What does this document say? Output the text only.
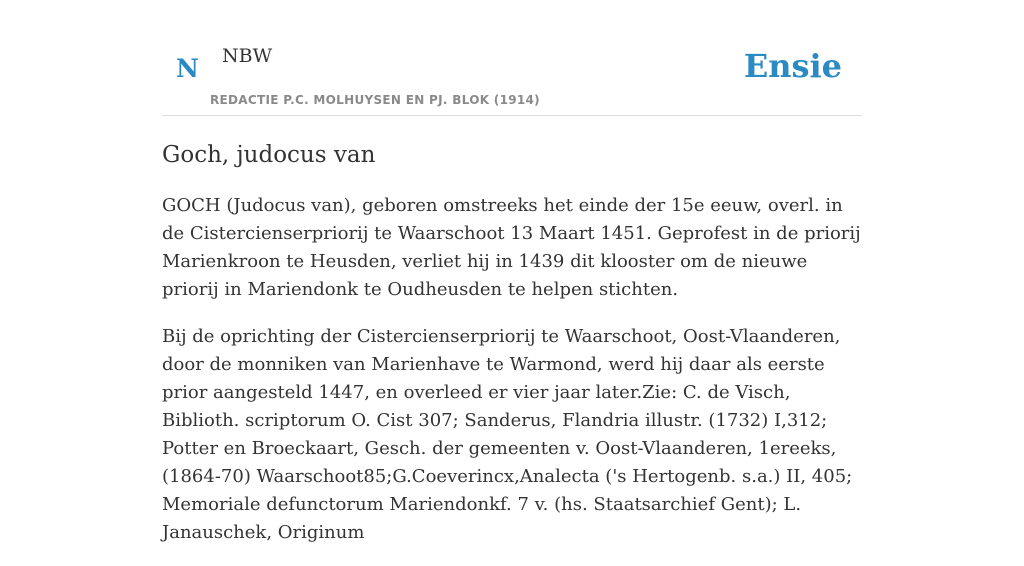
N NBW
REDACTIE P.C. MOLHUYSEN EN PJ. BLOK (1914)
Ensie
Goch, judocus van

GOCH (Judocus van), geboren omstreeks het einde der 15e eeuw, overl. in de Cistercienserpriorij te Waarschoot 13 Maart 1451. Geprofest in de priorij Marienkroon te Heusden, verliet hij in 1439 dit klooster om de nieuwe priorij in Mariendonk te Oudheusden te helpen stichten.

Bij de oprichting der Cistercienserpriorij te Waarschoot, Oost-Vlaanderen, door de monniken van Marienhave te Warmond, werd hij daar als eerste prior aangesteld 1447, en overleed er vier jaar later.Zie: C. de Visch, Biblioth. scriptorum O. Cist 307; Sanderus, Flandria illustr. (1732) I,312; Potter en Broeckaart, Gesch. der gemeenten v. Oost-Vlaanderen, 1ereeks,(1864-70) Waarschoot85;G.Coeverincx,Analecta ('s Hertogenb. s.a.) II, 405; Memoriale defunctorum Mariendonkf. 7 v. (hs. Staatsarchief Gent); L. Janauschek, Originum
